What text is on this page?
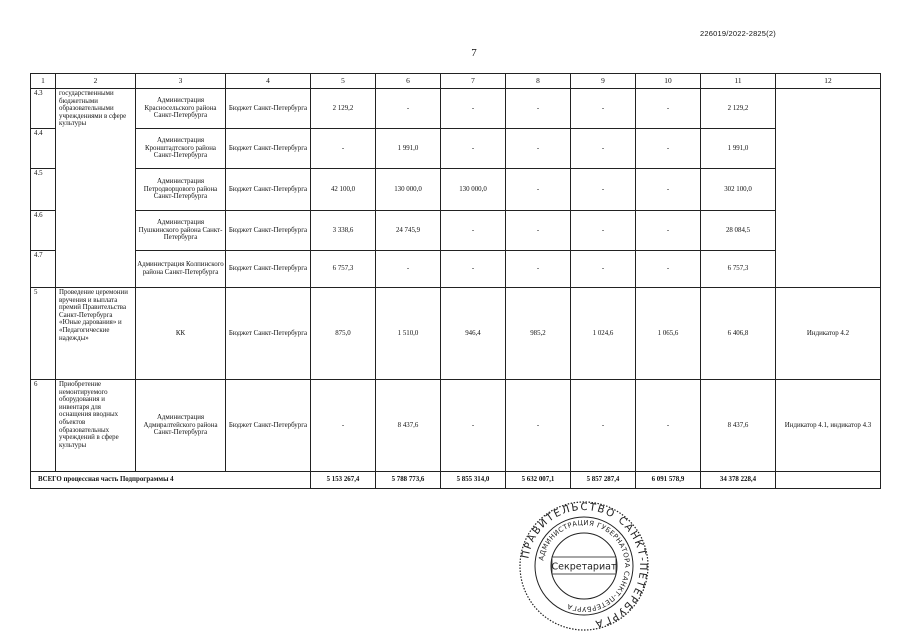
226019/2022-2825(2)
7
1	2	3	4	5	6	7	8	9	10	11	12
4.3	государственными бюджетными образовательными учреждениями в сфере культуры	Администрация Красносельского района Санкт-Петербурга	Бюджет Санкт-Петербурга	2 129,2	-	-	-	-	-	2 129,2	
4.4		Администрация Кронштадтского района Санкт-Петербурга	Бюджет Санкт-Петербурга	-	1 991,0	-	-	-	-	1 991,0	
4.5		Администрация Петродворцового района Санкт-Петербурга	Бюджет Санкт-Петербурга	42 100,0	130 000,0	130 000,0	-	-	-	302 100,0	
4.6		Администрация Пушкинского района Санкт-Петербурга	Бюджет Санкт-Петербурга	3 338,6	24 745,9	-	-	-	-	28 084,5	
4.7		Администрация Колпинского района Санкт-Петербурга	Бюджет Санкт-Петербурга	6 757,3	-	-	-	-	-	6 757,3	
5	Проведение церемонии вручения и выплата премий Правительства Санкт-Петербурга «Юные дарования» и «Педагогические надежды»	КК	Бюджет Санкт-Петербурга	875,0	1 510,0	946,4	985,2	1 024,6	1 065,6	6 406,8	Индикатор 4.2
6	Приобретение немонтируемого оборудования и инвентаря для оснащения вводных объектов образовательных учреждений в сфере культуры	Администрация Адмиралтейского района Санкт-Петербурга	Бюджет Санкт-Петербурга	-	8 437,6	-	-	-	-	8 437,6	Индикатор 4.1, индикатор 4.3
ВСЕГО процессная часть Подпрограммы 4				5 153 267,4	5 788 773,6	5 855 314,0	5 632 007,1	5 857 287,4	6 091 578,9	34 378 228,4	
ПРАВИТЕЛЬСТВО САНКТ-ПЕТЕРБУРГА
АДМИНИСТРАЦИЯ ГУБЕРНАТОРА САНКТ-ПЕТЕРБУРГА
Секретариат
